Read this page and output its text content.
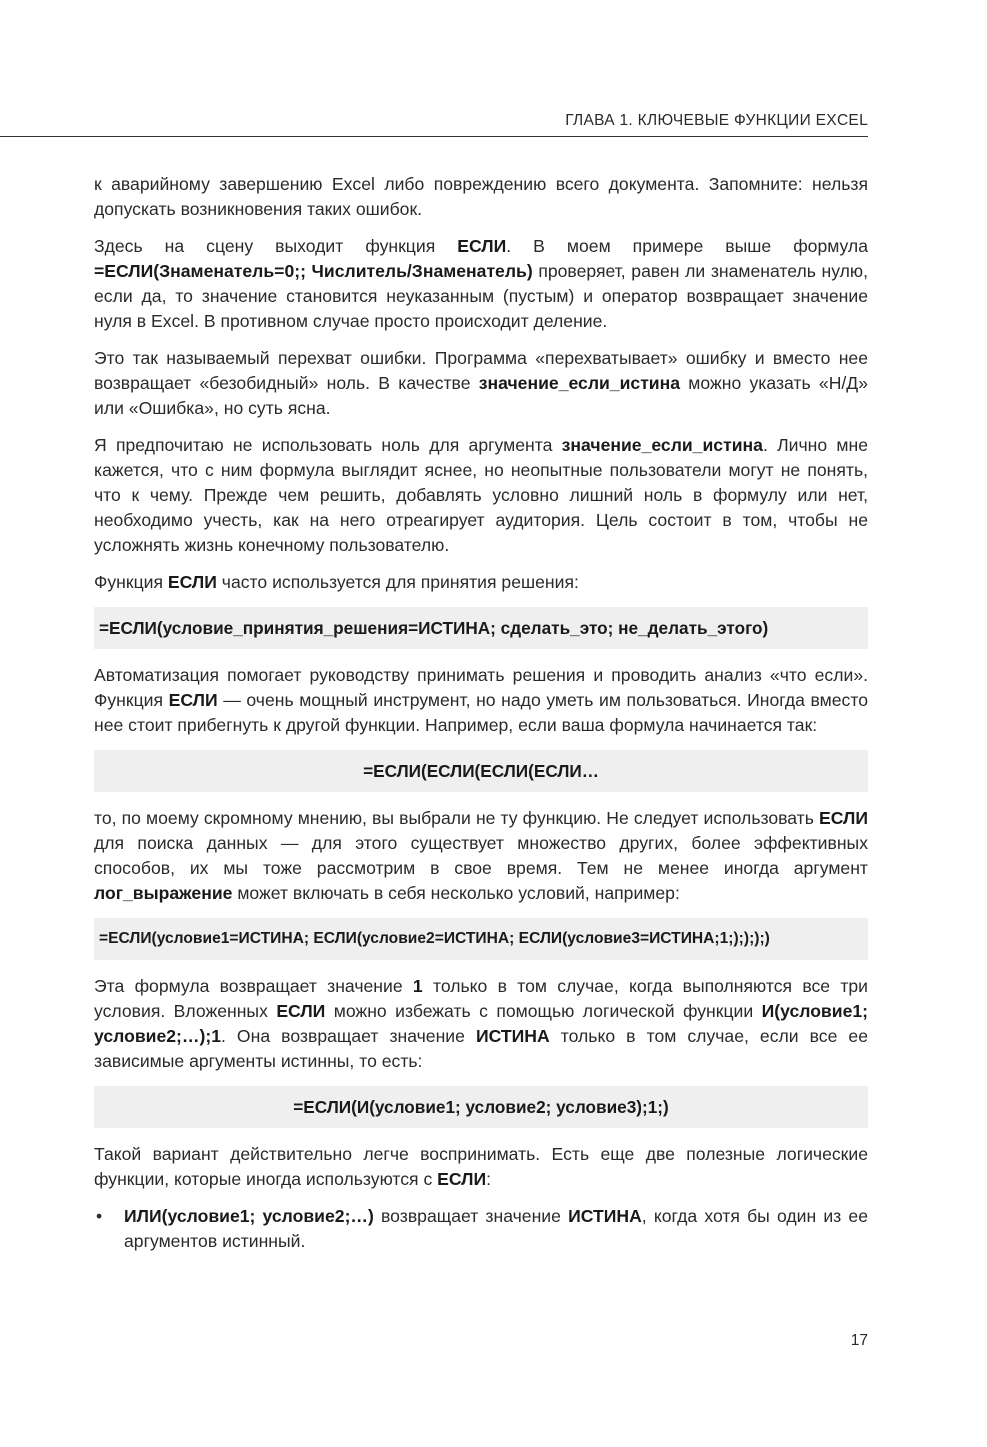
ГЛАВА 1. КЛЮЧЕВЫЕ ФУНКЦИИ EXCEL

к аварийному завершению Excel либо повреждению всего документа. Запомните: нельзя допускать возникновения таких ошибок.

Здесь на сцену выходит функция ЕСЛИ. В моем примере выше формула =ЕСЛИ(Знаменатель=0;; Числитель/Знаменатель) проверяет, равен ли знаменатель нулю, если да, то значение становится неуказанным (пустым) и оператор возвращает значение нуля в Excel. В противном случае просто происходит деление.

Это так называемый перехват ошибки. Программа «перехватывает» ошибку и вместо нее возвращает «безобидный» ноль. В качестве значение_если_истина можно указать «Н/Д» или «Ошибка», но суть ясна.

Я предпочитаю не использовать ноль для аргумента значение_если_истина. Лично мне кажется, что с ним формула выглядит яснее, но неопытные пользователи могут не понять, что к чему. Прежде чем решить, добавлять условно лишний ноль в формулу или нет, необходимо учесть, как на него отреагирует аудитория. Цель состоит в том, чтобы не усложнять жизнь конечному пользователю.

Функция ЕСЛИ часто используется для принятия решения:

=ЕСЛИ(условие_принятия_решения=ИСТИНА; сделать_это; не_делать_этого)

Автоматизация помогает руководству принимать решения и проводить анализ «что если». Функция ЕСЛИ — очень мощный инструмент, но надо уметь им пользоваться. Иногда вместо нее стоит прибегнуть к другой функции. Например, если ваша формула начинается так:

=ЕСЛИ(ЕСЛИ(ЕСЛИ(ЕСЛИ…

то, по моему скромному мнению, вы выбрали не ту функцию. Не следует использовать ЕСЛИ для поиска данных — для этого существует множество других, более эффективных способов, их мы тоже рассмотрим в свое время. Тем не менее иногда аргумент лог_выражение может включать в себя несколько условий, например:

=ЕСЛИ(условие1=ИСТИНА; ЕСЛИ(условие2=ИСТИНА; ЕСЛИ(условие3=ИСТИНА;1;);););)

Эта формула возвращает значение 1 только в том случае, когда выполняются все три условия. Вложенных ЕСЛИ можно избежать с помощью логической функции И(условие1; условие2;…);1. Она возвращает значение ИСТИНА только в том случае, если все ее зависимые аргументы истинны, то есть:

=ЕСЛИ(И(условие1; условие2; условие3);1;)

Такой вариант действительно легче воспринимать. Есть еще две полезные логические функции, которые иногда используются с ЕСЛИ:

•	ИЛИ(условие1; условие2;…) возвращает значение ИСТИНА, когда хотя бы один из ее аргументов истинный.
17
